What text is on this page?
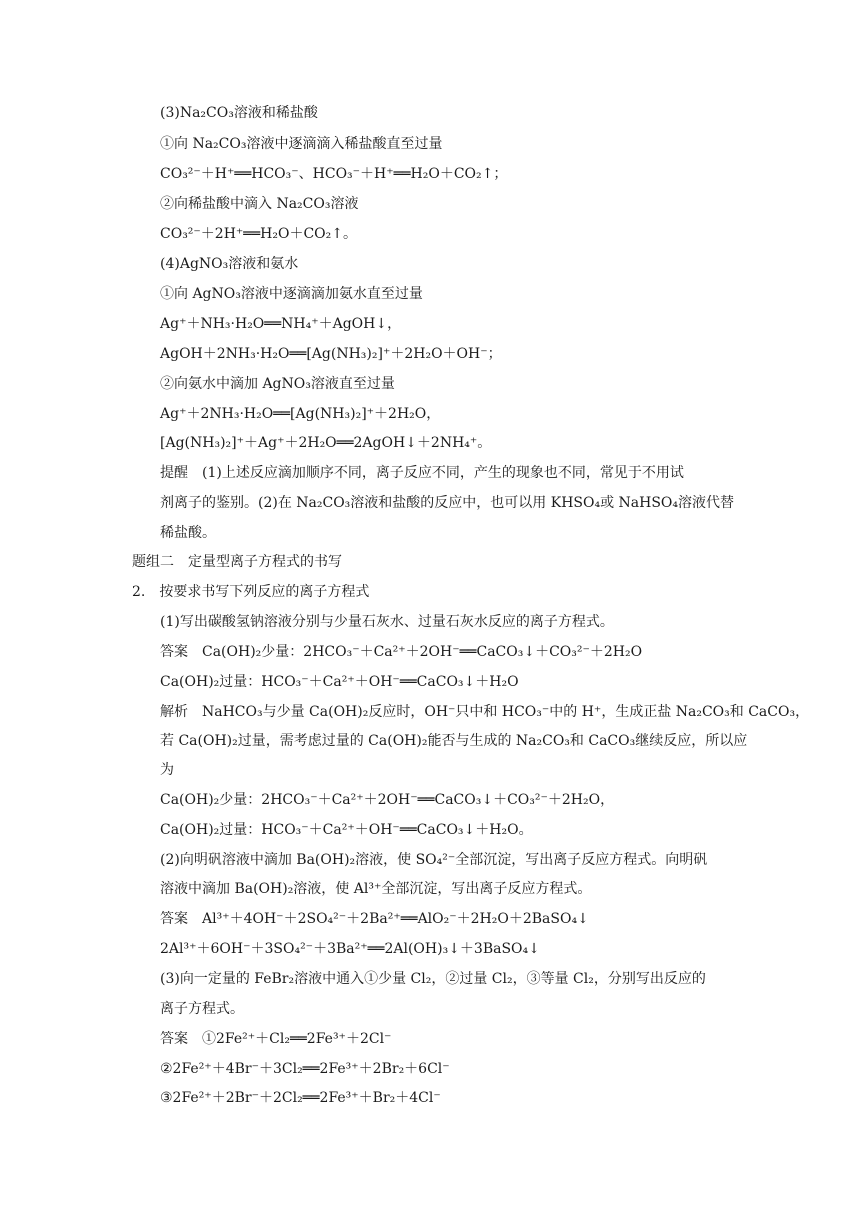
(3)Na₂CO₃溶液和稀盐酸
①向 Na₂CO₃溶液中逐滴滴入稀盐酸直至过量
CO₃²⁻＋H⁺══HCO₃⁻、HCO₃⁻＋H⁺══H₂O＋CO₂↑；
②向稀盐酸中滴入 Na₂CO₃溶液
CO₃²⁻＋2H⁺══H₂O＋CO₂↑。
(4)AgNO₃溶液和氨水
①向 AgNO₃溶液中逐滴滴加氨水直至过量
Ag⁺＋NH₃·H₂O══NH₄⁺＋AgOH↓，
AgOH＋2NH₃·H₂O══[Ag(NH₃)₂]⁺＋2H₂O＋OH⁻；
②向氨水中滴加 AgNO₃溶液直至过量
Ag⁺＋2NH₃·H₂O══[Ag(NH₃)₂]⁺＋2H₂O，
[Ag(NH₃)₂]⁺＋Ag⁺＋2H₂O══2AgOH↓＋2NH₄⁺。
提醒　(1)上述反应滴加顺序不同，离子反应不同，产生的现象也不同，常见于不用试
剂离子的鉴别。(2)在 Na₂CO₃溶液和盐酸的反应中，也可以用 KHSO₄或 NaHSO₄溶液代替
稀盐酸。
题组二　定量型离子方程式的书写
2.　按要求书写下列反应的离子方程式
(1)写出碳酸氢钠溶液分别与少量石灰水、过量石灰水反应的离子方程式。
答案　Ca(OH)₂少量：2HCO₃⁻＋Ca²⁺＋2OH⁻══CaCO₃↓＋CO₃²⁻＋2H₂O
Ca(OH)₂过量：HCO₃⁻＋Ca²⁺＋OH⁻══CaCO₃↓＋H₂O
解析　NaHCO₃与少量 Ca(OH)₂反应时，OH⁻只中和 HCO₃⁻中的 H⁺，生成正盐 Na₂CO₃和 CaCO₃，
若 Ca(OH)₂过量，需考虑过量的 Ca(OH)₂能否与生成的 Na₂CO₃和 CaCO₃继续反应，所以应
为
Ca(OH)₂少量：2HCO₃⁻＋Ca²⁺＋2OH⁻══CaCO₃↓＋CO₃²⁻＋2H₂O，
Ca(OH)₂过量：HCO₃⁻＋Ca²⁺＋OH⁻══CaCO₃↓＋H₂O。
(2)向明矾溶液中滴加 Ba(OH)₂溶液，使 SO₄²⁻全部沉淀，写出离子反应方程式。向明矾
溶液中滴加 Ba(OH)₂溶液，使 Al³⁺全部沉淀，写出离子反应方程式。
答案　Al³⁺＋4OH⁻＋2SO₄²⁻＋2Ba²⁺══AlO₂⁻＋2H₂O＋2BaSO₄↓
2Al³⁺＋6OH⁻＋3SO₄²⁻＋3Ba²⁺══2Al(OH)₃↓＋3BaSO₄↓
(3)向一定量的 FeBr₂溶液中通入①少量 Cl₂，②过量 Cl₂，③等量 Cl₂，分别写出反应的
离子方程式。
答案　①2Fe²⁺＋Cl₂══2Fe³⁺＋2Cl⁻
②2Fe²⁺＋4Br⁻＋3Cl₂══2Fe³⁺＋2Br₂＋6Cl⁻
③2Fe²⁺＋2Br⁻＋2Cl₂══2Fe³⁺＋Br₂＋4Cl⁻
